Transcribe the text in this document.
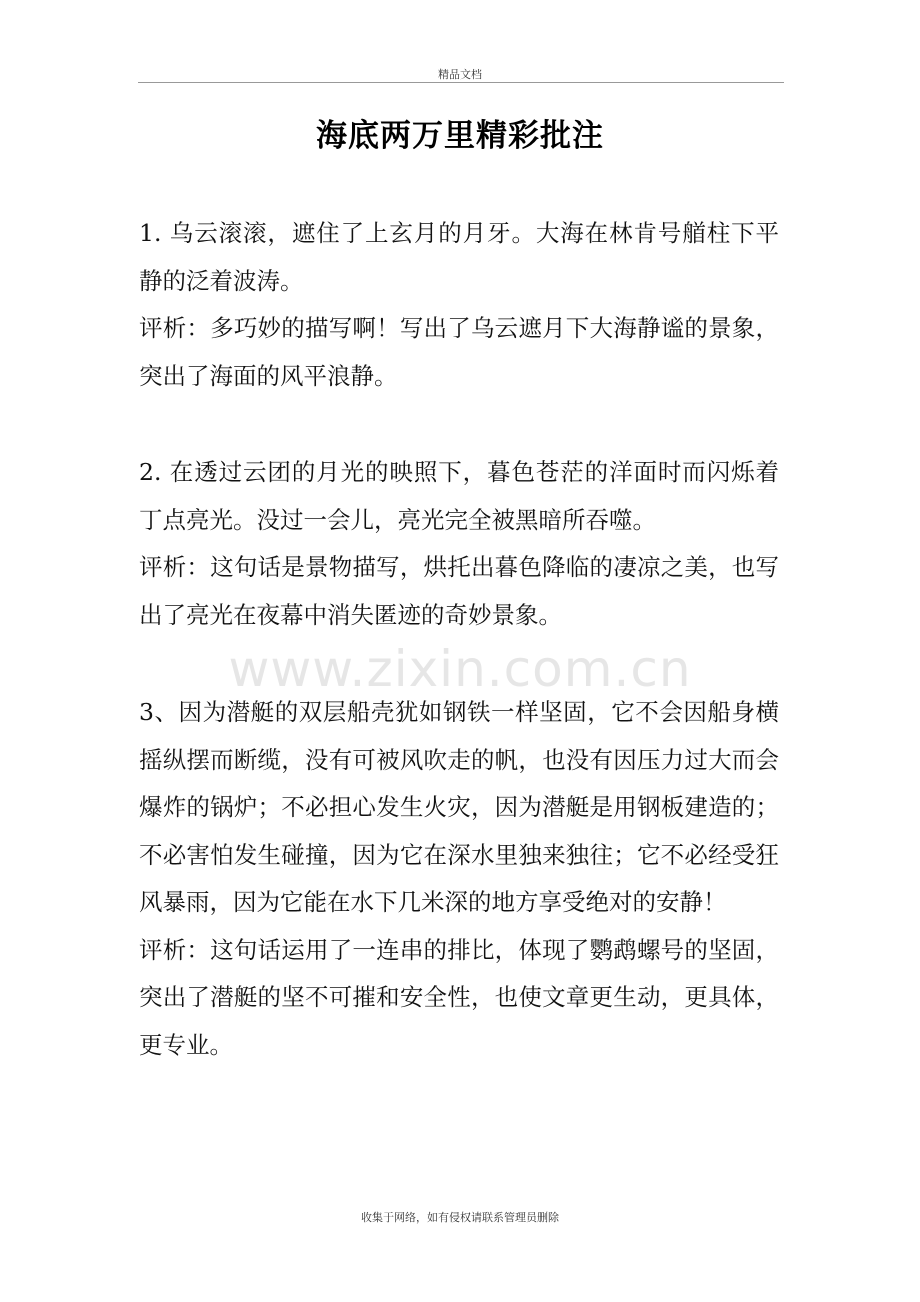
精品文档
海底两万里精彩批注
www.zixin.com.cn

1. 乌云滚滚，遮住了上玄月的月牙。大海在林肯号艏柱下平静的泛着波涛。

评析：多巧妙的描写啊！写出了乌云遮月下大海静谧的景象，突出了海面的风平浪静。

2. 在透过云团的月光的映照下，暮色苍茫的洋面时而闪烁着丁点亮光。没过一会儿，亮光完全被黑暗所吞噬。

评析：这句话是景物描写，烘托出暮色降临的凄凉之美，也写出了亮光在夜幕中消失匿迹的奇妙景象。

3、因为潜艇的双层船壳犹如钢铁一样坚固，它不会因船身横摇纵摆而断缆，没有可被风吹走的帆，也没有因压力过大而会爆炸的锅炉；不必担心发生火灾，因为潜艇是用钢板建造的；不必害怕发生碰撞，因为它在深水里独来独往；它不必经受狂风暴雨，因为它能在水下几米深的地方享受绝对的安静！

评析：这句话运用了一连串的排比，体现了鹦鹉螺号的坚固，突出了潜艇的坚不可摧和安全性，也使文章更生动，更具体，更专业。

收集于网络，如有侵权请联系管理员删除
